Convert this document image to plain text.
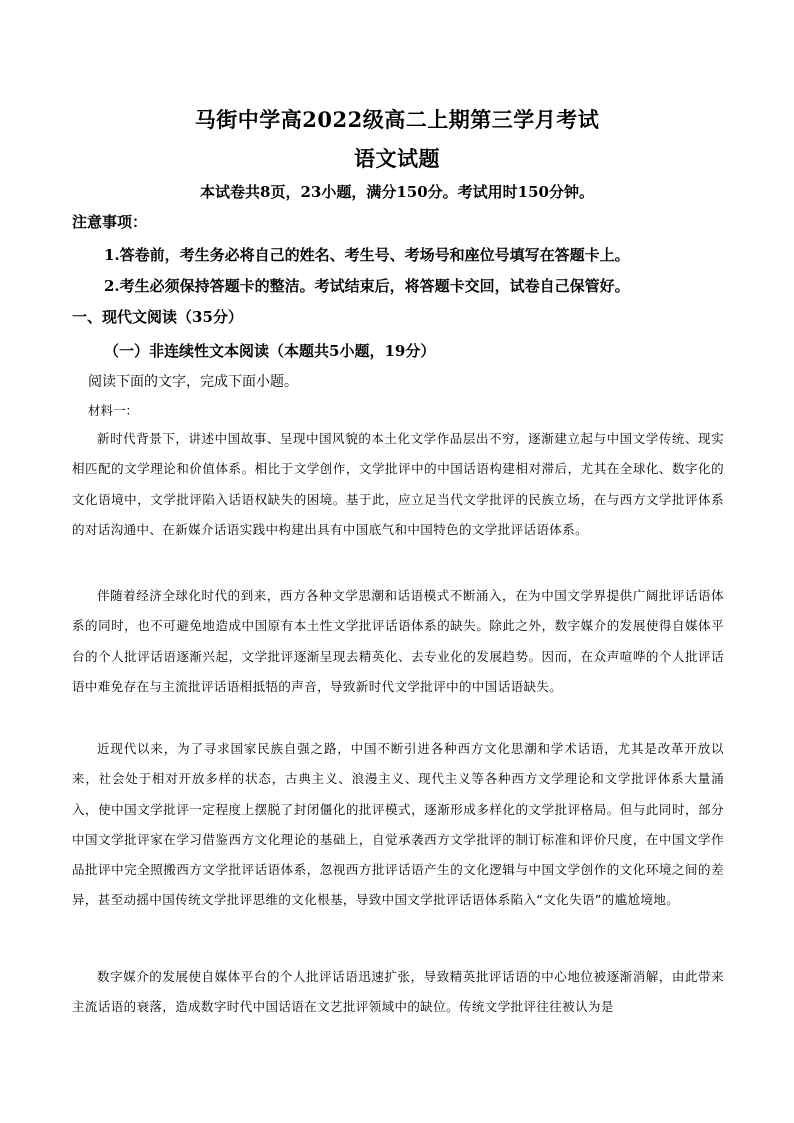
马街中学高2022级高二上期第三学月考试
语文试题
本试卷共8页，23小题，满分150分。考试用时150分钟。
注意事项：
1.答卷前，考生务必将自己的姓名、考生号、考场号和座位号填写在答题卡上。
2.考生必须保持答题卡的整洁。考试结束后，将答题卡交回，试卷自己保管好。
一、现代文阅读（35分）
（一）非连续性文本阅读（本题共5小题，19分）
阅读下面的文字，完成下面小题。
材料一：

新时代背景下，讲述中国故事、呈现中国风貌的本土化文学作品层出不穷，逐渐建立起与中国文学传统、现实相匹配的文学理论和价值体系。相比于文学创作，文学批评中的中国话语构建相对滞后，尤其在全球化、数字化的文化语境中，文学批评陷入话语权缺失的困境。基于此，应立足当代文学批评的民族立场，在与西方文学批评体系的对话沟通中、在新媒介话语实践中构建出具有中国底气和中国特色的文学批评话语体系。

伴随着经济全球化时代的到来，西方各种文学思潮和话语模式不断涌入，在为中国文学界提供广阔批评话语体系的同时，也不可避免地造成中国原有本土性文学批评话语体系的缺失。除此之外，数字媒介的发展使得自媒体平台的个人批评话语逐渐兴起，文学批评逐渐呈现去精英化、去专业化的发展趋势。因而，在众声喧哗的个人批评话语中难免存在与主流批评话语相抵牾的声音，导致新时代文学批评中的中国话语缺失。

近现代以来，为了寻求国家民族自强之路，中国不断引进各种西方文化思潮和学术话语，尤其是改革开放以来，社会处于相对开放多样的状态，古典主义、浪漫主义、现代主义等各种西方文学理论和文学批评体系大量涌入，使中国文学批评一定程度上摆脱了封闭僵化的批评模式，逐渐形成多样化的文学批评格局。但与此同时，部分中国文学批评家在学习借鉴西方文化理论的基础上，自觉承袭西方文学批评的制订标准和评价尺度，在中国文学作品批评中完全照搬西方文学批评话语体系，忽视西方批评话语产生的文化逻辑与中国文学创作的文化环境之间的差异，甚至动摇中国传统文学批评思维的文化根基，导致中国文学批评话语体系陷入“文化失语”的尴尬境地。

数字媒介的发展使自媒体平台的个人批评话语迅速扩张，导致精英批评话语的中心地位被逐渐消解，由此带来主流话语的衰落，造成数字时代中国话语在文艺批评领域中的缺位。传统文学批评往往被认为是
